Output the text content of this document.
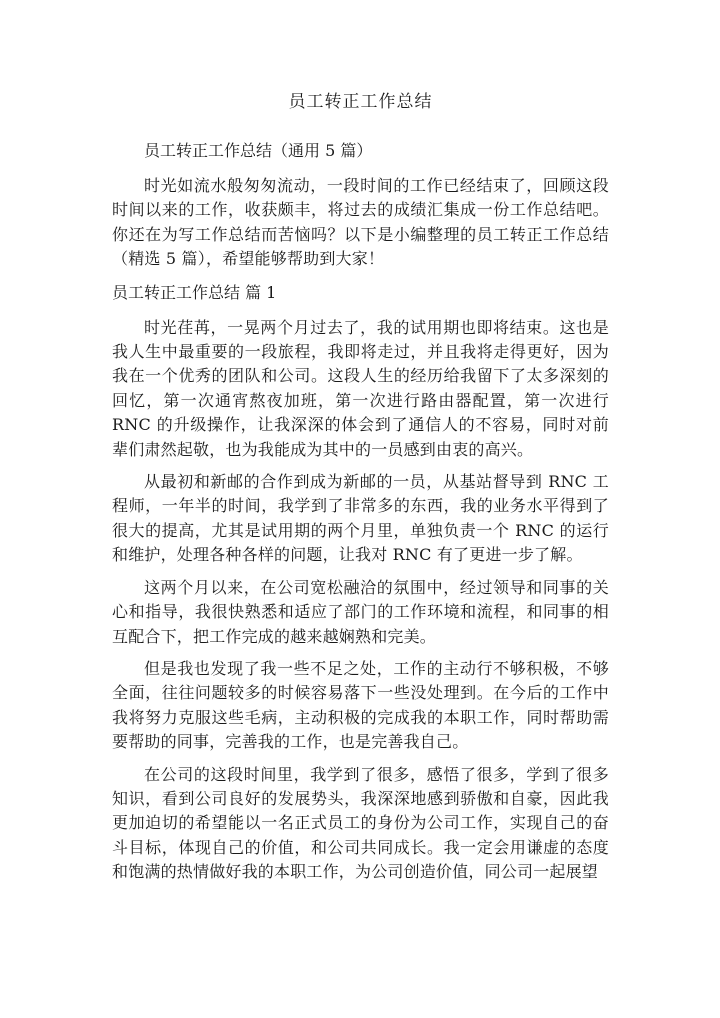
员工转正工作总结
员工转正工作总结（通用 5 篇）

时光如流水般匆匆流动，一段时间的工作已经结束了，回顾这段时间以来的工作，收获颇丰，将过去的成绩汇集成一份工作总结吧。你还在为写工作总结而苦恼吗？以下是小编整理的员工转正工作总结（精选 5 篇），希望能够帮助到大家！

员工转正工作总结 篇 1

时光荏苒，一晃两个月过去了，我的试用期也即将结束。这也是我人生中最重要的一段旅程，我即将走过，并且我将走得更好，因为我在一个优秀的团队和公司。这段人生的经历给我留下了太多深刻的回忆，第一次通宵熬夜加班，第一次进行路由器配置，第一次进行 RNC 的升级操作，让我深深的体会到了通信人的不容易，同时对前辈们肃然起敬，也为我能成为其中的一员感到由衷的高兴。

从最初和新邮的合作到成为新邮的一员，从基站督导到 RNC 工程师，一年半的时间，我学到了非常多的东西，我的业务水平得到了很大的提高，尤其是试用期的两个月里，单独负责一个 RNC 的运行和维护，处理各种各样的问题，让我对 RNC 有了更进一步了解。

这两个月以来，在公司宽松融洽的氛围中，经过领导和同事的关心和指导，我很快熟悉和适应了部门的工作环境和流程，和同事的相互配合下，把工作完成的越来越娴熟和完美。

但是我也发现了我一些不足之处，工作的主动行不够积极，不够全面，往往问题较多的时候容易落下一些没处理到。在今后的工作中我将努力克服这些毛病，主动积极的完成我的本职工作，同时帮助需要帮助的同事，完善我的工作，也是完善我自己。

在公司的这段时间里，我学到了很多，感悟了很多，学到了很多知识，看到公司良好的发展势头，我深深地感到骄傲和自豪，因此我更加迫切的希望能以一名正式员工的身份为公司工作，实现自己的奋斗目标，体现自己的价值，和公司共同成长。我一定会用谦虚的态度和饱满的热情做好我的本职工作，为公司创造价值，同公司一起展望
